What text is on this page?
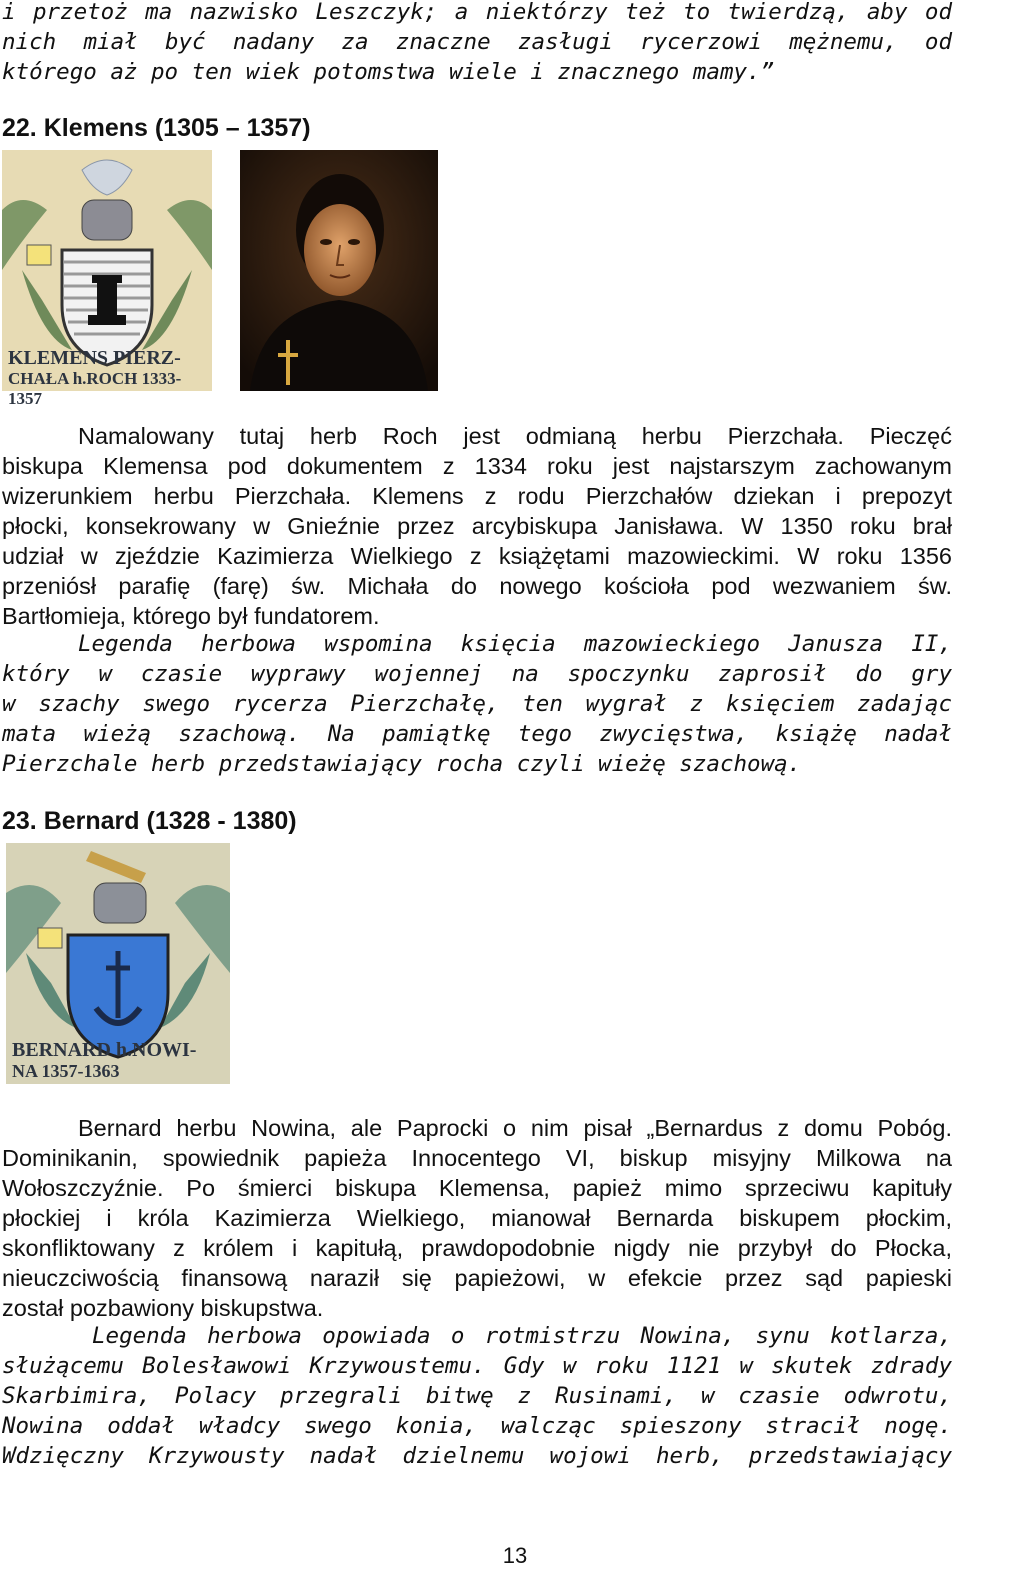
i przetoż ma nazwisko Leszczyk; a niektórzy też to twierdzą, aby od
nich miał być nadany za znaczne zasługi rycerzowi mężnemu, od
którego aż po ten wiek potomstwa wiele i znacznego mamy.”
22. Klemens (1305 – 1357)
KLEMENS PIERZ-
CHAŁA h.ROCH 1333-1357
Namalowany tutaj herb Roch jest odmianą herbu Pierzchała. Pieczęć
biskupa Klemensa pod dokumentem z 1334 roku jest najstarszym zachowanym
wizerunkiem herbu Pierzchała. Klemens z rodu Pierzchałów dziekan i prepozyt
płocki, konsekrowany w Gnieźnie przez arcybiskupa Janisława. W 1350 roku brał
udział w zjeździe Kazimierza Wielkiego z książętami mazowieckimi. W roku 1356
przeniósł parafię (farę) św. Michała do nowego kościoła pod wezwaniem św.
Bartłomieja, którego był fundatorem.
Legenda herbowa wspomina księcia mazowieckiego Janusza II,
który w czasie wyprawy wojennej na spoczynku zaprosił do gry
w szachy swego rycerza Pierzchałę, ten wygrał z księciem zadając
mata wieżą szachową. Na pamiątkę tego zwycięstwa, książę nadał
Pierzchale herb przedstawiający rocha czyli wieżę szachową.
23. Bernard (1328 - 1380)
BERNARD h.NOWI-
NA 1357-1363
Bernard herbu Nowina, ale Paprocki o nim pisał „Bernardus z domu Pobóg.
Dominikanin, spowiednik papieża Innocentego VI, biskup misyjny Milkowa na
Wołoszczyźnie. Po śmierci biskupa Klemensa, papież mimo sprzeciwu kapituły
płockiej i króla Kazimierza Wielkiego, mianował Bernarda biskupem płockim,
skonfliktowany z królem i kapitułą, prawdopodobnie nigdy nie przybył do Płocka,
nieuczciwością finansową naraził się papieżowi, w efekcie przez sąd papieski
został pozbawiony biskupstwa.
Legenda herbowa opowiada o rotmistrzu Nowina, synu kotlarza,
służącemu Bolesławowi Krzywoustemu. Gdy w roku 1121 w skutek zdrady
Skarbimira, Polacy przegrali bitwę z Rusinami, w czasie odwrotu,
Nowina oddał władcy swego konia, walcząc spieszony stracił nogę.
Wdzięczny Krzywousty nadał dzielnemu wojowi herb, przedstawiający
13
